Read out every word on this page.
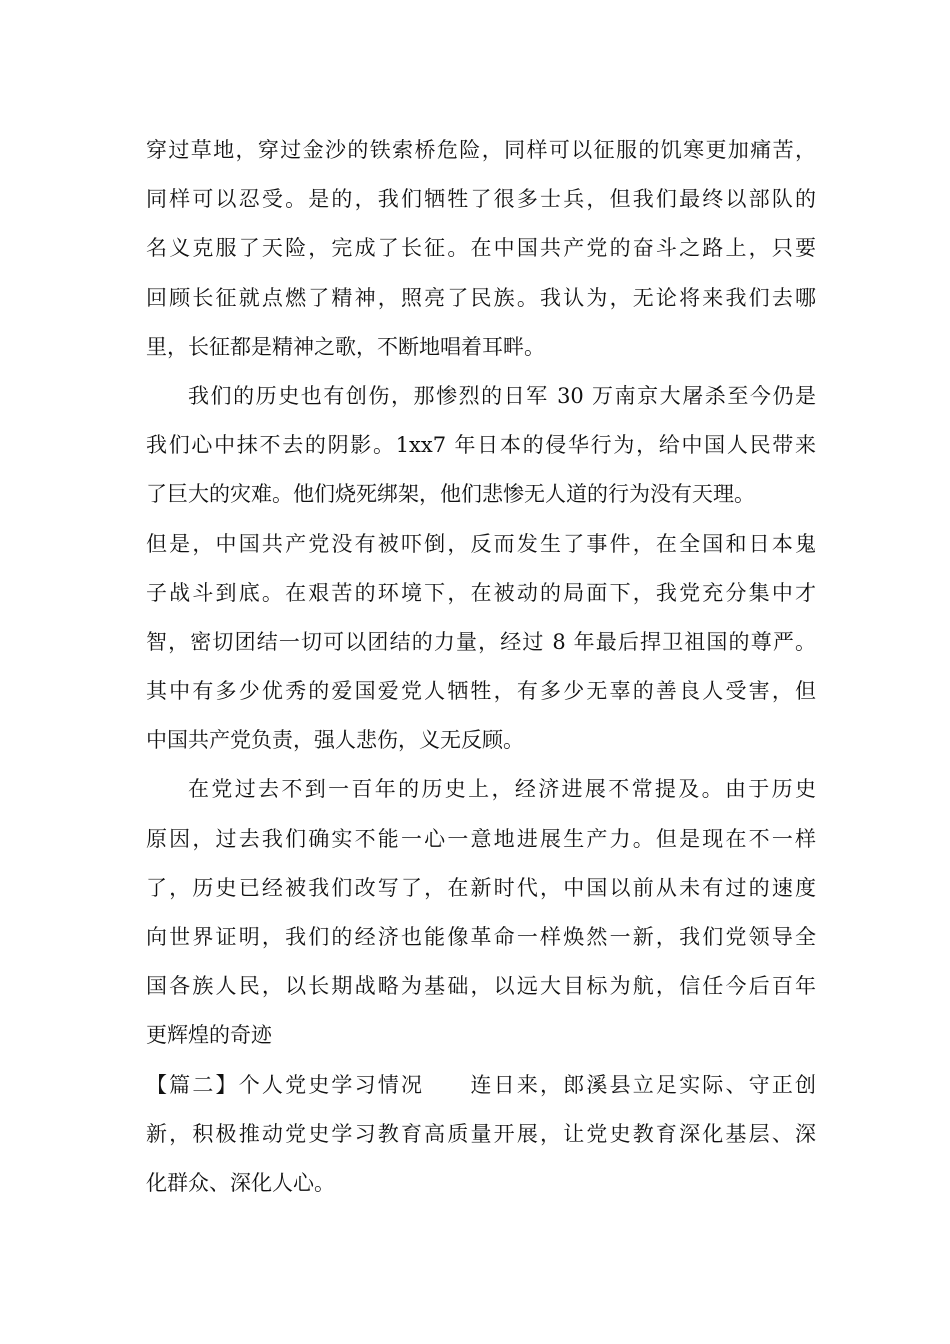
穿过草地，穿过金沙的铁索桥危险，同样可以征服的饥寒更加痛苦，
同样可以忍受。是的，我们牺牲了很多士兵，但我们最终以部队的
名义克服了天险，完成了长征。在中国共产党的奋斗之路上，只要
回顾长征就点燃了精神，照亮了民族。我认为，无论将来我们去哪
里，长征都是精神之歌，不断地唱着耳畔。
我们的历史也有创伤，那惨烈的日军 30 万南京大屠杀至今仍是
我们心中抹不去的阴影。1xx7 年日本的侵华行为，给中国人民带来
了巨大的灾难。他们烧死绑架，他们悲惨无人道的行为没有天理。
但是，中国共产党没有被吓倒，反而发生了事件，在全国和日本鬼
子战斗到底。在艰苦的环境下，在被动的局面下，我党充分集中才
智，密切团结一切可以团结的力量，经过 8 年最后捍卫祖国的尊严。
其中有多少优秀的爱国爱党人牺牲，有多少无辜的善良人受害，但
中国共产党负责，强人悲伤，义无反顾。
在党过去不到一百年的历史上，经济进展不常提及。由于历史
原因，过去我们确实不能一心一意地进展生产力。但是现在不一样
了，历史已经被我们改写了，在新时代，中国以前从未有过的速度
向世界证明，我们的经济也能像革命一样焕然一新，我们党领导全
国各族人民，以长期战略为基础，以远大目标为航，信任今后百年
更辉煌的奇迹
【篇二】个人党史学习情况　　连日来，郎溪县立足实际、守正创
新，积极推动党史学习教育高质量开展，让党史教育深化基层、深
化群众、深化人心。
